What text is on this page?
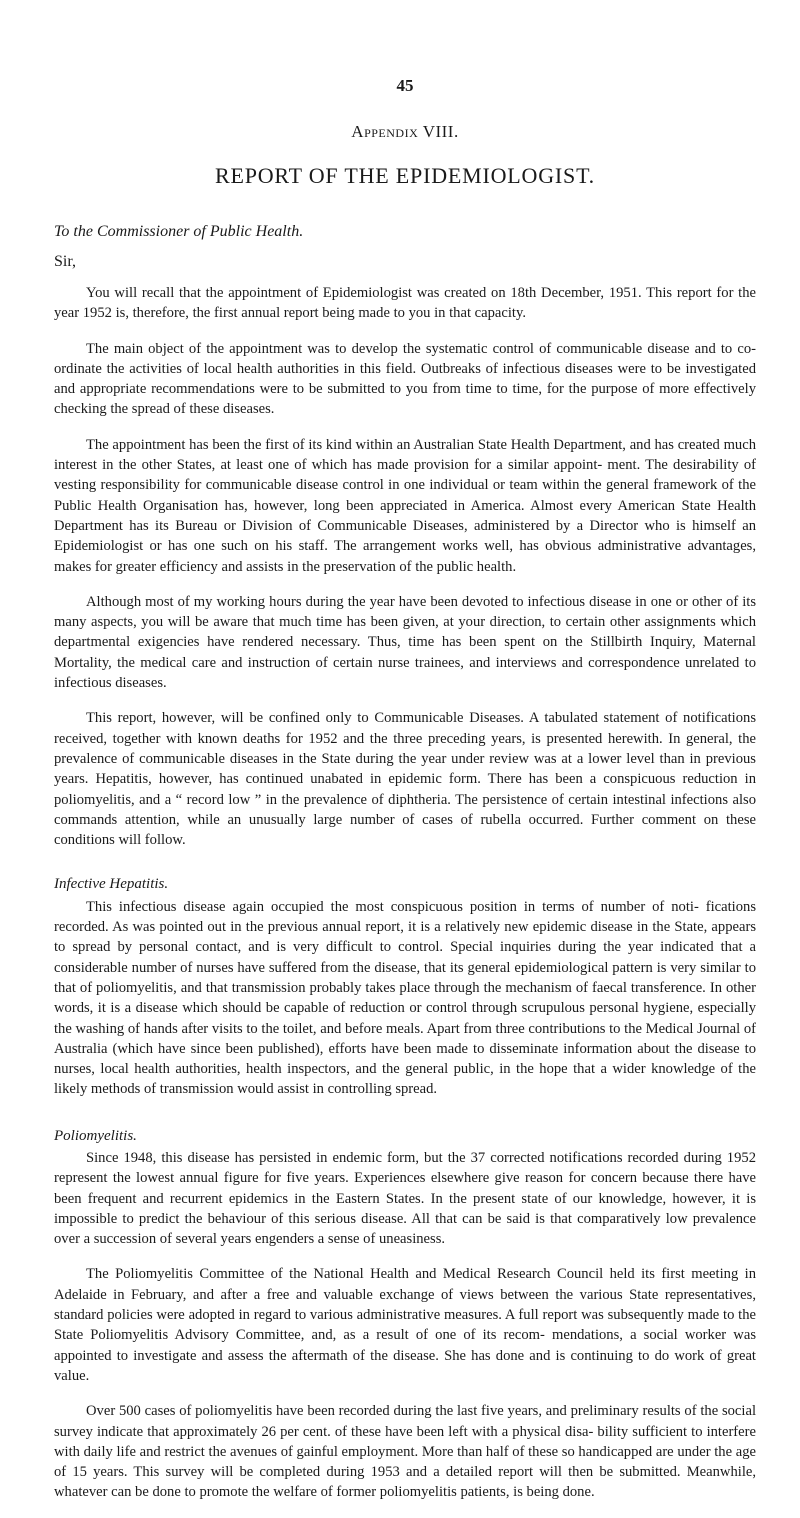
45
Appendix VIII.
REPORT OF THE EPIDEMIOLOGIST.
To the Commissioner of Public Health.
Sir,

You will recall that the appointment of Epidemiologist was created on 18th December, 1951. This report for the year 1952 is, therefore, the first annual report being made to you in that capacity.

The main object of the appointment was to develop the systematic control of communicable disease and to co-ordinate the activities of local health authorities in this field. Outbreaks of infectious diseases were to be investigated and appropriate recommendations were to be submitted to you from time to time, for the purpose of more effectively checking the spread of these diseases.

The appointment has been the first of its kind within an Australian State Health Department, and has created much interest in the other States, at least one of which has made provision for a similar appoint- ment. The desirability of vesting responsibility for communicable disease control in one individual or team within the general framework of the Public Health Organisation has, however, long been appreciated in America. Almost every American State Health Department has its Bureau or Division of Communicable Diseases, administered by a Director who is himself an Epidemiologist or has one such on his staff. The arrangement works well, has obvious administrative advantages, makes for greater efficiency and assists in the preservation of the public health.

Although most of my working hours during the year have been devoted to infectious disease in one or other of its many aspects, you will be aware that much time has been given, at your direction, to certain other assignments which departmental exigencies have rendered necessary. Thus, time has been spent on the Stillbirth Inquiry, Maternal Mortality, the medical care and instruction of certain nurse trainees, and interviews and correspondence unrelated to infectious diseases.

This report, however, will be confined only to Communicable Diseases. A tabulated statement of notifications received, together with known deaths for 1952 and the three preceding years, is presented herewith. In general, the prevalence of communicable diseases in the State during the year under review was at a lower level than in previous years. Hepatitis, however, has continued unabated in epidemic form. There has been a conspicuous reduction in poliomyelitis, and a “ record low ” in the prevalence of diphtheria. The persistence of certain intestinal infections also commands attention, while an unusually large number of cases of rubella occurred. Further comment on these conditions will follow.

Infective Hepatitis.

This infectious disease again occupied the most conspicuous position in terms of number of noti- fications recorded. As was pointed out in the previous annual report, it is a relatively new epidemic disease in the State, appears to spread by personal contact, and is very difficult to control. Special inquiries during the year indicated that a considerable number of nurses have suffered from the disease, that its general epidemiological pattern is very similar to that of poliomyelitis, and that transmission probably takes place through the mechanism of faecal transference. In other words, it is a disease which should be capable of reduction or control through scrupulous personal hygiene, especially the washing of hands after visits to the toilet, and before meals. Apart from three contributions to the Medical Journal of Australia (which have since been published), efforts have been made to disseminate information about the disease to nurses, local health authorities, health inspectors, and the general public, in the hope that a wider knowledge of the likely methods of transmission would assist in controlling spread.

Poliomyelitis.

Since 1948, this disease has persisted in endemic form, but the 37 corrected notifications recorded during 1952 represent the lowest annual figure for five years. Experiences elsewhere give reason for concern because there have been frequent and recurrent epidemics in the Eastern States. In the present state of our knowledge, however, it is impossible to predict the behaviour of this serious disease. All that can be said is that comparatively low prevalence over a succession of several years engenders a sense of uneasiness.

The Poliomyelitis Committee of the National Health and Medical Research Council held its first meeting in Adelaide in February, and after a free and valuable exchange of views between the various State representatives, standard policies were adopted in regard to various administrative measures. A full report was subsequently made to the State Poliomyelitis Advisory Committee, and, as a result of one of its recom- mendations, a social worker was appointed to investigate and assess the aftermath of the disease. She has done and is continuing to do work of great value.

Over 500 cases of poliomyelitis have been recorded during the last five years, and preliminary results of the social survey indicate that approximately 26 per cent. of these have been left with a physical disa- bility sufficient to interfere with daily life and restrict the avenues of gainful employment. More than half of these so handicapped are under the age of 15 years. This survey will be completed during 1953 and a detailed report will then be submitted. Meanwhile, whatever can be done to promote the welfare of former poliomyelitis patients, is being done.
